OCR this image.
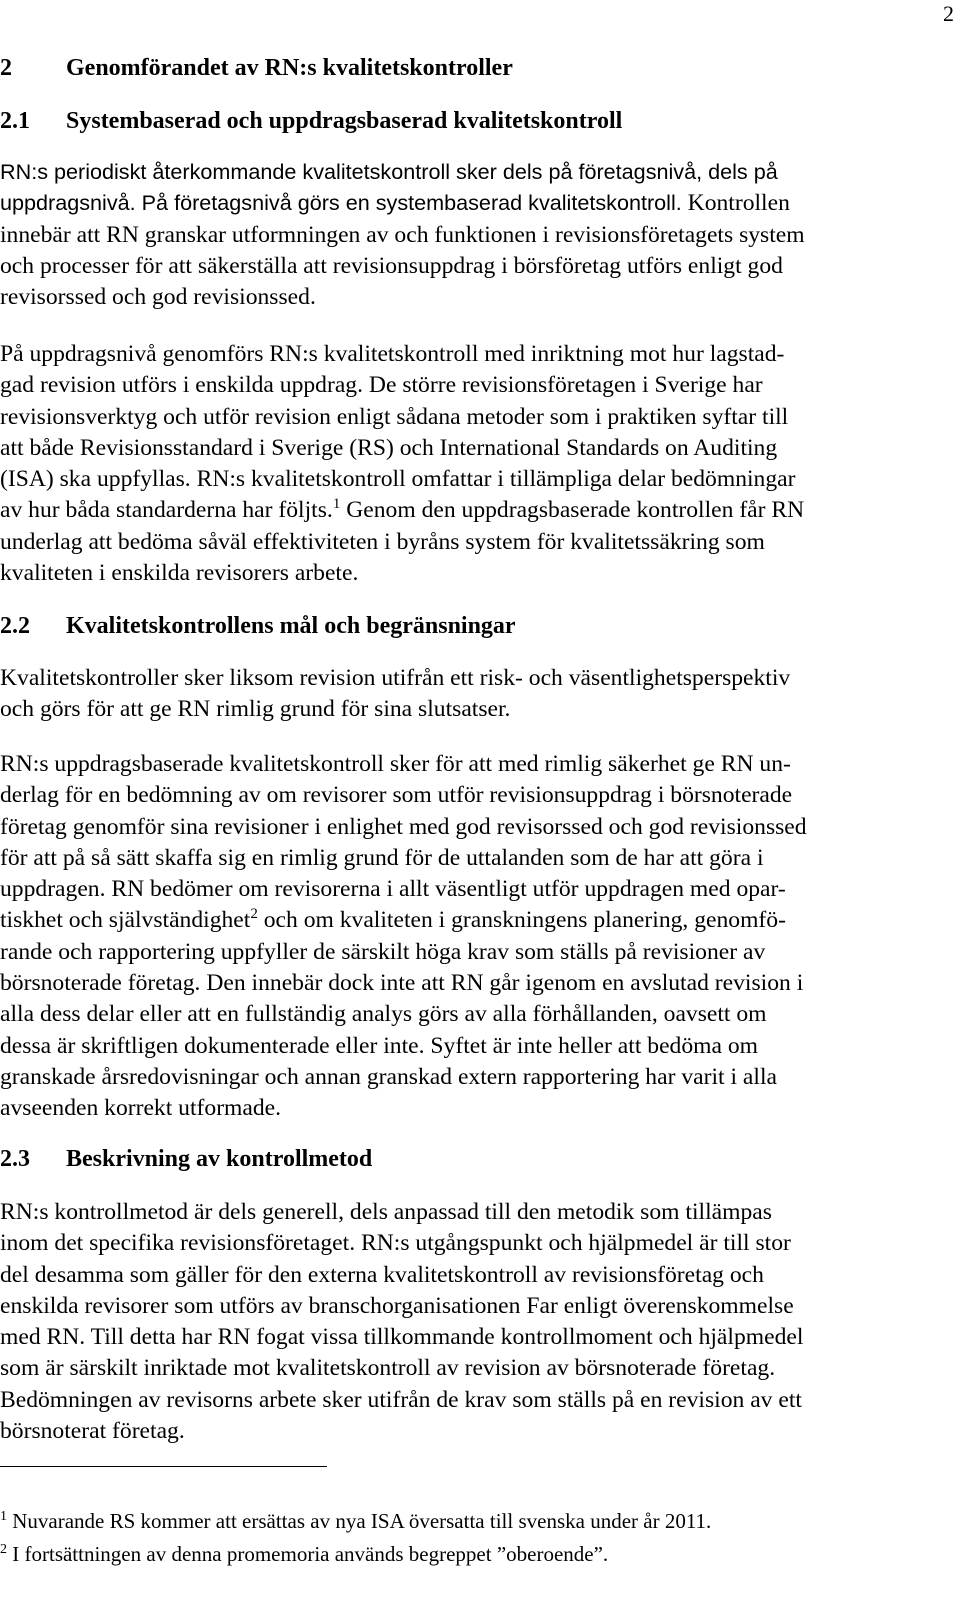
2
2 Genomförandet av RN:s kvalitetskontroller
2.1 Systembaserad och uppdragsbaserad kvalitetskontroll
RN:s periodiskt återkommande kvalitetskontroll sker dels på företagsnivå, dels på
uppdragsnivå. På företagsnivå görs en systembaserad kvalitetskontroll. Kontrollen
innebär att RN granskar utformningen av och funktionen i revisionsföretagets system
och processer för att säkerställa att revisionsuppdrag i börsföretag utförs enligt god
revisorssed och god revisionssed.
På uppdragsnivå genomförs RN:s kvalitetskontroll med inriktning mot hur lagstad-
gad revision utförs i enskilda uppdrag. De större revisionsföretagen i Sverige har
revisionsverktyg och utför revision enligt sådana metoder som i praktiken syftar till
att både Revisionsstandard i Sverige (RS) och International Standards on Auditing
(ISA) ska uppfyllas. RN:s kvalitetskontroll omfattar i tillämpliga delar bedömningar
av hur båda standarderna har följts.$^1$ Genom den uppdragsbaserade kontrollen får RN
underlag att bedöma såväl effektiviteten i byråns system för kvalitetssäkring som
kvaliteten i enskilda revisorers arbete.
2.2 Kvalitetskontrollens mål och begränsningar
Kvalitetskontroller sker liksom revision utifrån ett risk- och väsentlighetsperspektiv
och görs för att ge RN rimlig grund för sina slutsatser.
RN:s uppdragsbaserade kvalitetskontroll sker för att med rimlig säkerhet ge RN un-
derlag för en bedömning av om revisorer som utför revisionsuppdrag i börsnoterade
företag genomför sina revisioner i enlighet med god revisorssed och god revisionssed
för att på så sätt skaffa sig en rimlig grund för de uttalanden som de har att göra i
uppdragen. RN bedömer om revisorerna i allt väsentligt utför uppdragen med opar-
tiskhet och självständighet$^2$ och om kvaliteten i granskningens planering, genomfö-
rande och rapportering uppfyller de särskilt höga krav som ställs på revisioner av
börsnoterade företag. Den innebär dock inte att RN går igenom en avslutad revision i
alla dess delar eller att en fullständig analys görs av alla förhållanden, oavsett om
dessa är skriftligen dokumenterade eller inte. Syftet är inte heller att bedöma om
granskade årsredovisningar och annan granskad extern rapportering har varit i alla
avseenden korrekt utformade.
2.3 Beskrivning av kontrollmetod
RN:s kontrollmetod är dels generell, dels anpassad till den metodik som tillämpas
inom det specifika revisionsföretaget. RN:s utgångspunkt och hjälpmedel är till stor
del desamma som gäller för den externa kvalitetskontroll av revisionsföretag och
enskilda revisorer som utförs av branschorganisationen Far enligt överenskommelse
med RN. Till detta har RN fogat vissa tillkommande kontrollmoment och hjälpmedel
som är särskilt inriktade mot kvalitetskontroll av revision av börsnoterade företag.
Bedömningen av revisorns arbete sker utifrån de krav som ställs på en revision av ett
börsnoterat företag.
$^1$ Nuvarande RS kommer att ersättas av nya ISA översatta till svenska under år 2011.
$^2$ I fortsättningen av denna promemoria används begreppet ”oberoende”.
